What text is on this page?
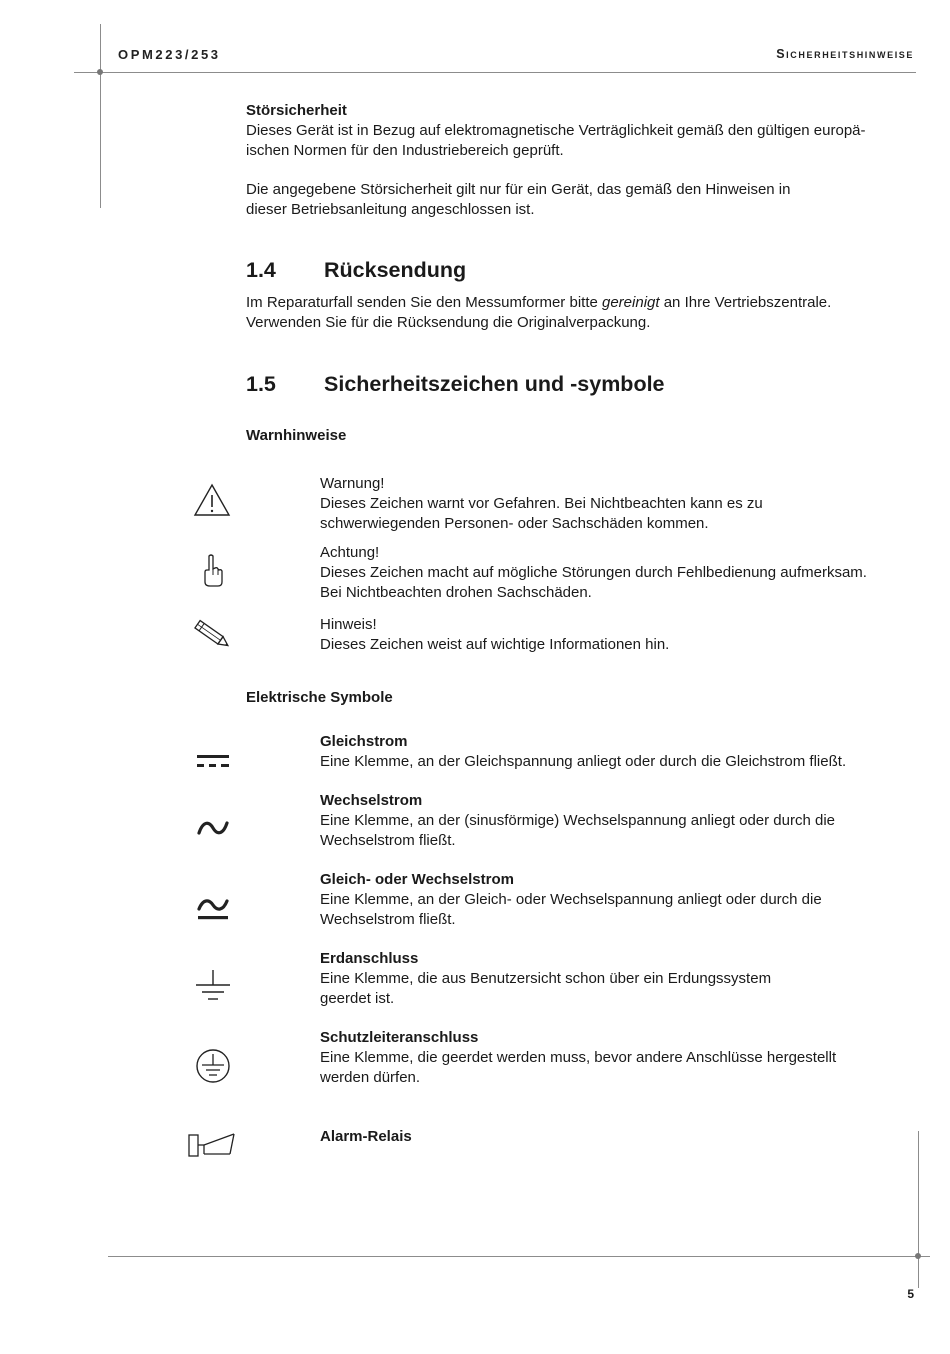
OPM223/253	Sicherheitshinweise

Störsicherheit

Dieses Gerät ist in Bezug auf elektromagnetische Verträglichkeit gemäß den gültigen europä-

ischen Normen für den Industriebereich geprüft.

Die angegebene Störsicherheit gilt nur für ein Gerät, das gemäß den Hinweisen in

dieser Betriebsanleitung angeschlossen ist.

1.4 Rücksendung

Im Reparaturfall senden Sie den Messumformer bitte gereinigt an Ihre Vertriebszentrale.

Verwenden Sie für die Rücksendung die Originalverpackung.

1.5 Sicherheitszeichen und -symbole

Warnhinweise

Warnung!

Dieses Zeichen warnt vor Gefahren. Bei Nichtbeachten kann es zu

schwerwiegenden Personen- oder Sachschäden kommen.

Achtung!

Dieses Zeichen macht auf mögliche Störungen durch Fehlbedienung aufmerksam.

Bei Nichtbeachten drohen Sachschäden.

Hinweis!

Dieses Zeichen weist auf wichtige Informationen hin.

Elektrische Symbole

Gleichstrom

Eine Klemme, an der Gleichspannung anliegt oder durch die Gleichstrom fließt.

Wechselstrom

Eine Klemme, an der (sinusförmige) Wechselspannung anliegt oder durch die

Wechselstrom fließt.

Gleich- oder Wechselstrom

Eine Klemme, an der Gleich- oder Wechselspannung anliegt oder durch die

Wechselstrom fließt.

Erdanschluss

Eine Klemme, die aus Benutzersicht schon über ein Erdungssystem

geerdet ist.

Schutzleiteranschluss

Eine Klemme, die geerdet werden muss, bevor andere Anschlüsse hergestellt

werden dürfen.

Alarm-Relais

5
